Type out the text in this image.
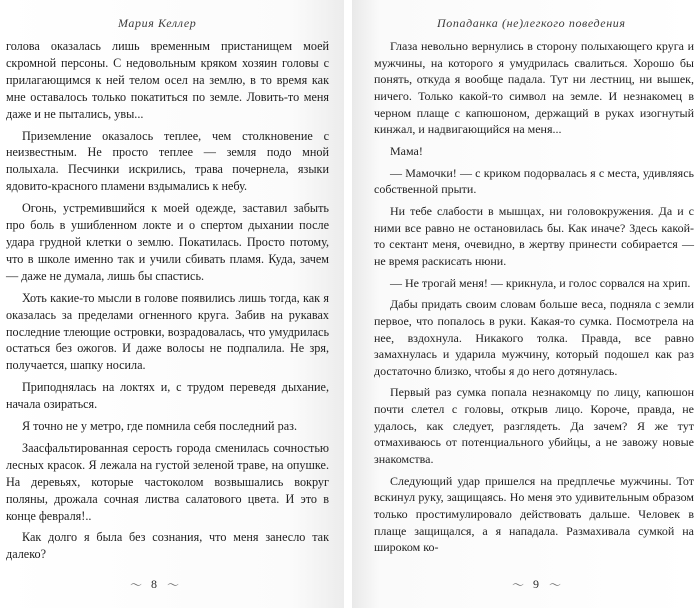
Мария Келлер

голова оказалась лишь временным пристанищем моей скромной персоны. С недовольным кряком хозяин головы с прилагающимся к ней телом осел на землю, в то время как мне оставалось только покатиться по земле. Ловить-то меня даже и не пытались, увы...

Приземление оказалось теплее, чем столкновение с неизвестным. Не просто теплее — земля подо мной полыхала. Песчинки искрились, трава почернела, языки ядовито-красного пламени вздымались к небу.

Огонь, устремившийся к моей одежде, заставил забыть про боль в ушибленном локте и о спертом дыхании после удара грудной клетки о землю. Покатилась. Просто потому, что в школе именно так и учили сбивать пламя. Куда, зачем — даже не думала, лишь бы спастись.

Хоть какие-то мысли в голове появились лишь тогда, как я оказалась за пределами огненного круга. Забив на рукавах последние тлеющие островки, возрадовалась, что умудрилась остаться без ожогов. И даже волосы не подпалила. Не зря, получается, шапку носила.

Приподнялась на локтях и, с трудом переведя дыхание, начала озираться.

Я точно не у метро, где помнила себя последний раз.

Заасфальтированная серость города сменилась сочностью лесных красок. Я лежала на густой зеленой траве, на опушке. На деревьях, которые частоколом возвышались вокруг поляны, дрожала сочная листва салатового цвета. И это в конце февраля!..

Как долго я была без сознания, что меня занесло так далеко?

〜 8 〜
Попаданка (не)легкого поведения

Глаза невольно вернулись в сторону полыхающего круга и мужчины, на которого я умудрилась свалиться. Хорошо бы понять, откуда я вообще падала. Тут ни лестниц, ни вышек, ничего. Только какой-то символ на земле. И незнакомец в черном плаще с капюшоном, держащий в руках изогнутый кинжал, и надвигающийся на меня...

Мама!

— Мамочки! — с криком подорвалась я с места, удивляясь собственной прыти.

Ни тебе слабости в мышцах, ни головокружения. Да и с ними все равно не остановилась бы. Как иначе? Здесь какой-то сектант меня, очевидно, в жертву принести собирается — не время раскисать нюни.

— Не трогай меня! — крикнула, и голос сорвался на хрип.

Дабы придать своим словам больше веса, подняла с земли первое, что попалось в руки. Какая-то сумка. Посмотрела на нее, вздохнула. Никакого толка. Правда, все равно замахнулась и ударила мужчину, который подошел как раз достаточно близко, чтобы я до него дотянулась.

Первый раз сумка попала незнакомцу по лицу, капюшон почти слетел с головы, открыв лицо. Короче, правда, не удалось, как следует, разглядеть. Да зачем? Я же тут отмахиваюсь от потенциального убийцы, а не завожу новые знакомства.

Следующий удар пришелся на предплечье мужчины. Тот вскинул руку, защищаясь. Но меня это удивительным образом только простимулировало действовать дальше. Человек в плаще защищался, а я нападала. Размахивала сумкой на широком ко-

〜 9 〜
